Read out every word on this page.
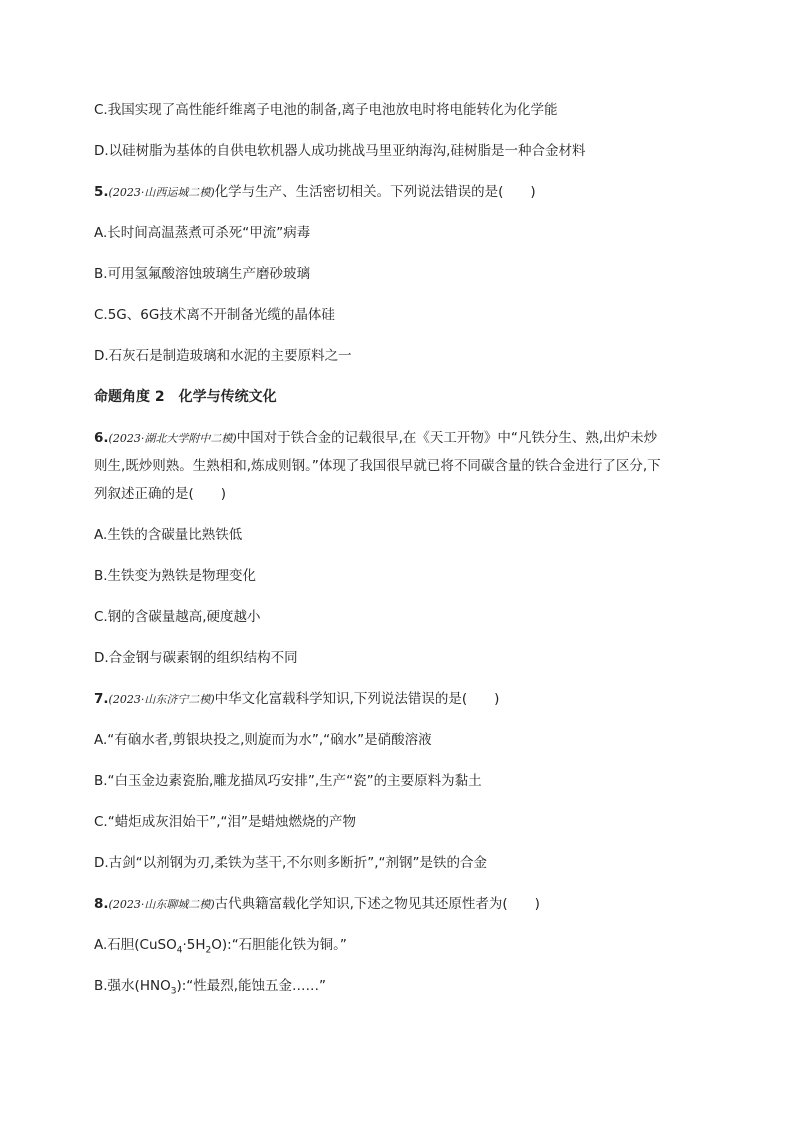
C.我国实现了高性能纤维离子电池的制备,离子电池放电时将电能转化为化学能
D.以硅树脂为基体的自供电软机器人成功挑战马里亚纳海沟,硅树脂是一种合金材料
5.(2023·山西运城二模)化学与生产、生活密切相关。下列说法错误的是(　　)
A.长时间高温蒸煮可杀死“甲流”病毒
B.可用氢氟酸溶蚀玻璃生产磨砂玻璃
C.5G、6G技术离不开制备光缆的晶体硅
D.石灰石是制造玻璃和水泥的主要原料之一
命题角度 2　化学与传统文化
6.(2023·湖北大学附中二模)中国对于铁合金的记载很早,在《天工开物》中“凡铁分生、熟,出炉未炒
则生,既炒则熟。生熟相和,炼成则钢。”体现了我国很早就已将不同碳含量的铁合金进行了区分,下
列叙述正确的是(　　)
A.生铁的含碳量比熟铁低
B.生铁变为熟铁是物理变化
C.钢的含碳量越高,硬度越小
D.合金钢与碳素钢的组织结构不同
7.(2023·山东济宁二模)中华文化富载科学知识,下列说法错误的是(　　)
A.“有硇水者,剪银块投之,则旋而为水”,“硇水”是硝酸溶液
B.“白玉金边素瓷胎,雕龙描凤巧安排”,生产“瓷”的主要原料为黏土
C.“蜡炬成灰泪始干”,“泪”是蜡烛燃烧的产物
D.古剑“以剂钢为刃,柔铁为茎干,不尔则多断折”,“剂钢”是铁的合金
8.(2023·山东聊城二模)古代典籍富载化学知识,下述之物见其还原性者为(　　)
A.石胆$(CuSO_4\cdot 5H_2O):“$石胆能化铁为铜。”
B.强水$(HNO_3):“$性最烈,能蚀五金……”
